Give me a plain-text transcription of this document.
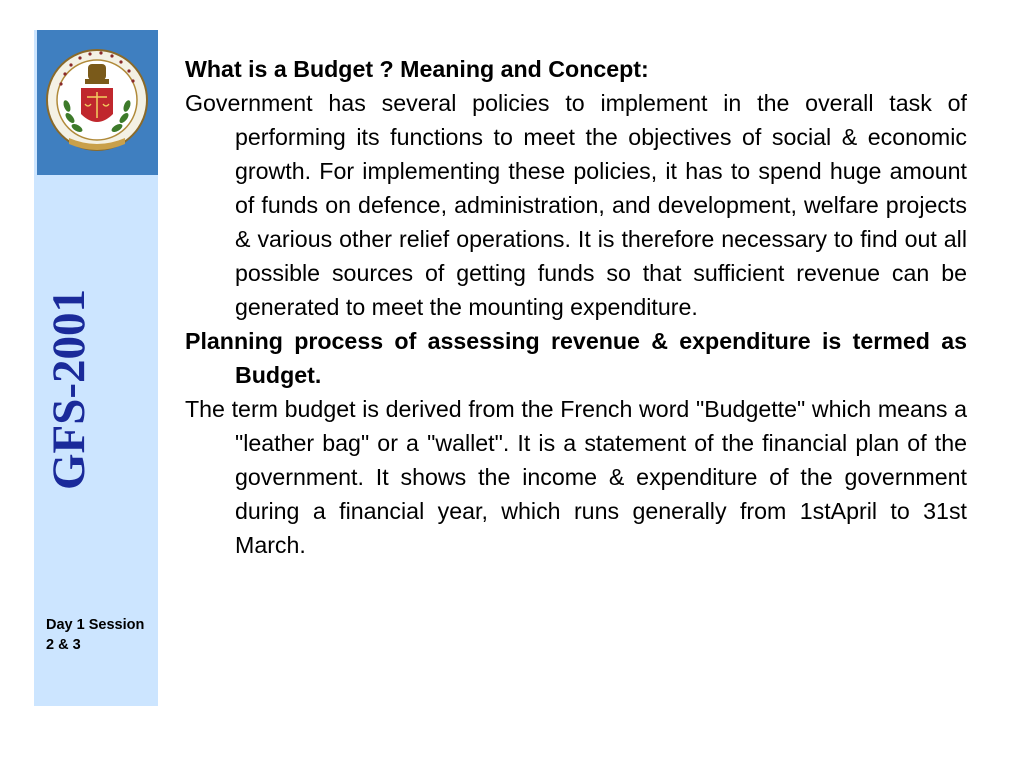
GFS-2001
Day 1 Session 2 & 3
What is a Budget ? Meaning and Concept:

Government has several policies to implement in the overall task of performing its functions to meet the objectives of social & economic growth. For implementing these policies, it has to spend huge amount of funds on defence, administration, and development, welfare projects & various other relief operations. It is therefore necessary to find out all possible sources of getting funds so that sufficient revenue can be generated to meet the mounting expenditure.

Planning process of assessing revenue & expenditure is termed as Budget.

The term budget is derived from the French word "Budgette" which means a "leather bag" or a "wallet". It is a statement of the financial plan of the government. It shows the income & expenditure of the government during a financial year, which runs generally from 1stApril to 31st March.
